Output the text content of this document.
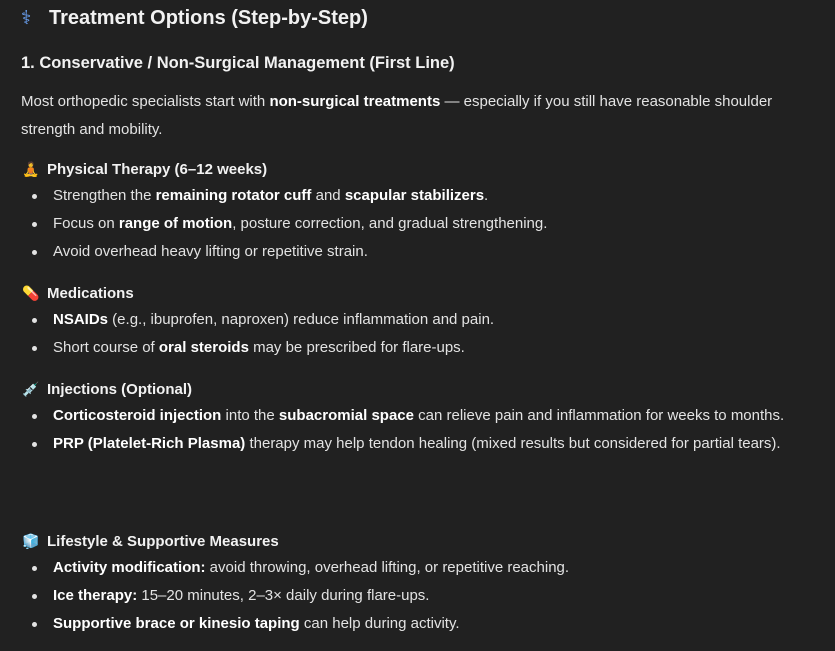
⚕ Treatment Options (Step-by-Step)
1. Conservative / Non-Surgical Management (First Line)
Most orthopedic specialists start with non-surgical treatments — especially if you still have reasonable shoulder strength and mobility.
🧘 Physical Therapy (6–12 weeks)
Strengthen the remaining rotator cuff and scapular stabilizers.
Focus on range of motion, posture correction, and gradual strengthening.
Avoid overhead heavy lifting or repetitive strain.
💊 Medications
NSAIDs (e.g., ibuprofen, naproxen) reduce inflammation and pain.
Short course of oral steroids may be prescribed for flare-ups.
💉 Injections (Optional)
Corticosteroid injection into the subacromial space can relieve pain and inflammation for weeks to months.
PRP (Platelet-Rich Plasma) therapy may help tendon healing (mixed results but considered for partial tears).
🧊 Lifestyle & Supportive Measures
Activity modification: avoid throwing, overhead lifting, or repetitive reaching.
Ice therapy: 15–20 minutes, 2–3× daily during flare-ups.
Supportive brace or kinesio taping can help during activity.
